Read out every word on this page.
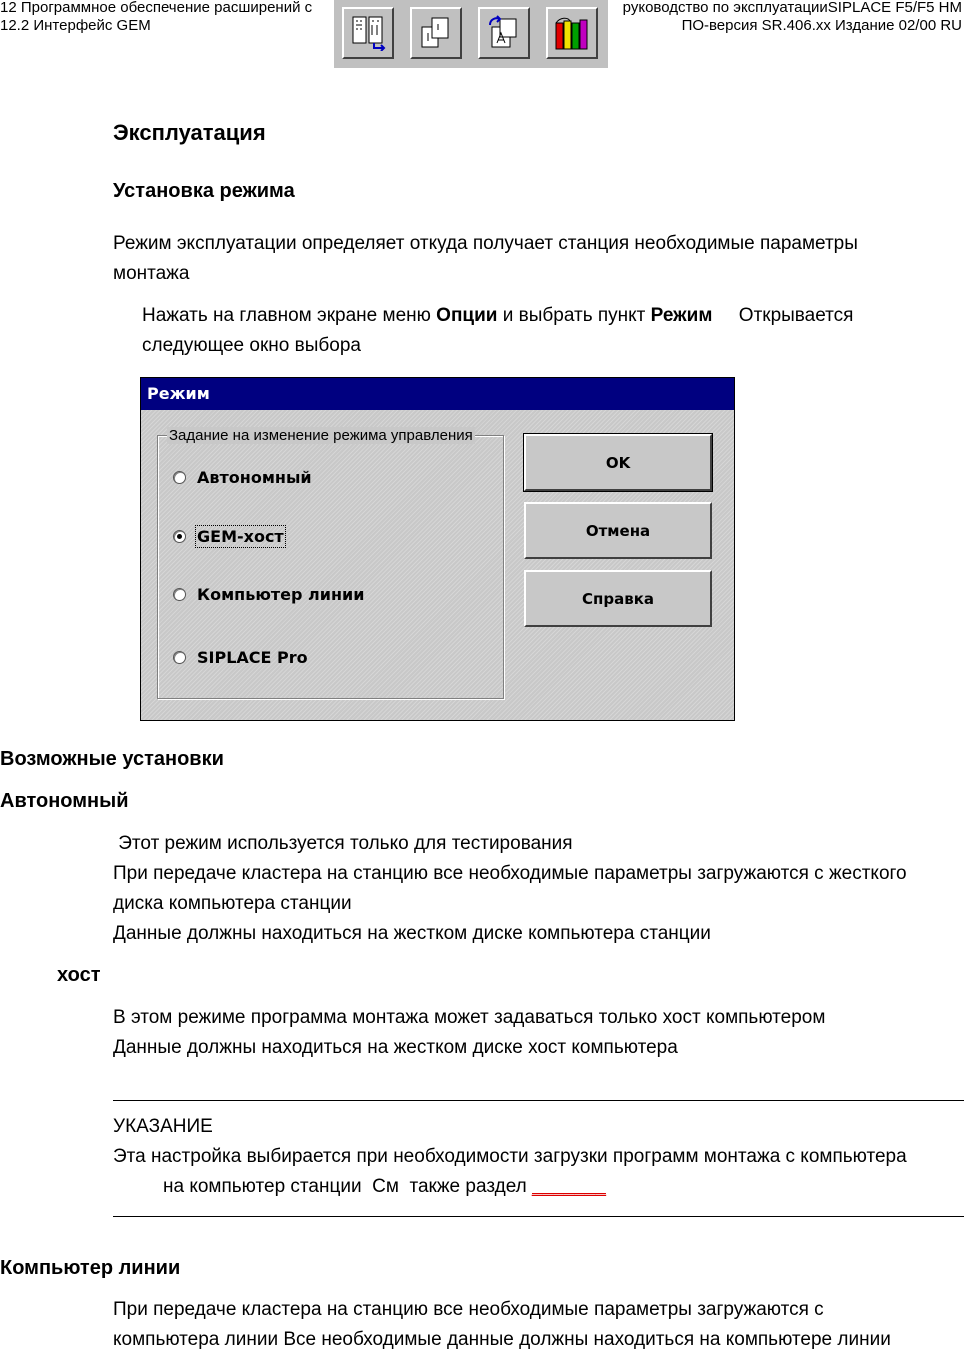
12 Программное обеспечение расширений с	руководство по эксплуатацииSIPLACE F5/F5 HM
12.2 Интерфейс GEM	ПО-версия SR.406.xx Издание 02/00 RU
Эксплуатация
Установка режима
Режим эксплуатации определяет откуда получает станция необходимые параметры
монтажа
Нажать на главном экране меню Опции и выбрать пункт Режим     Открывается
следующее окно выбора
Режим
Задание на изменение режима управления
Автономный
GEM-хост
Компьютер линии
SIPLACE Pro
OK
Отмена
Справка
Возможные установки
Автономный
Этот режим используется только для тестирования
При передаче кластера на станцию все необходимые параметры загружаются с жесткого
диска компьютера станции
Данные должны находиться на жестком диске компьютера станции
хост
В этом режиме программа монтажа может задаваться только хост компьютером
Данные должны находиться на жестком диске хост компьютера
УКАЗАНИЕ
Эта настройка выбирается при необходимости загрузки программ монтажа с компьютера
на компьютер станции  См  также раздел _______
Компьютер линии
При передаче кластера на станцию все необходимые параметры загружаются с
компьютера линии Все необходимые данные должны находиться на компьютере линии
